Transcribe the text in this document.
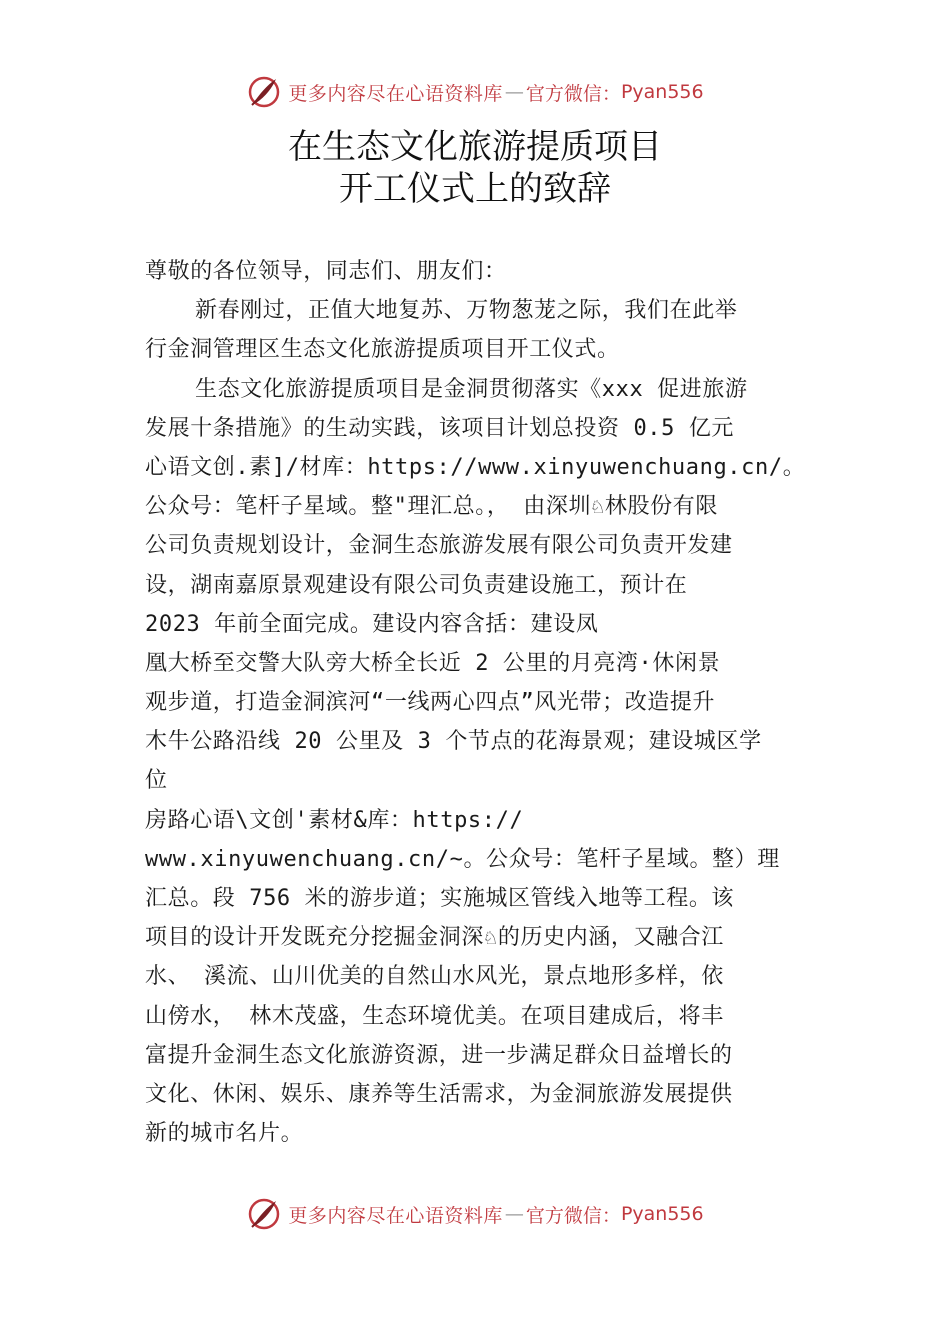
更多内容尽在心语资料库 — 官方微信： Pyan556
在生态文化旅游提质项目
开工仪式上的致辞
尊敬的各位领导，同志们、朋友们：
新春刚过，正值大地复苏、万物葱茏之际，我们在此举
行金洞管理区生态文化旅游提质项目开工仪式。
生态文化旅游提质项目是金洞贯彻落实《xxx 促进旅游
发展十条措施》的生动实践，该项目计划总投资 0.5 亿元
心语文创.素]/材库：https://www.xinyuwenchuang.cn/。
公众号：笔杆子星域。整"理汇总。， 由深圳♘林股份有限
公司负责规划设计，金洞生态旅游发展有限公司负责开发建
设，湖南嘉原景观建设有限公司负责建设施工，预计在
2023 年前全面完成。建设内容含括：建设凤
凰大桥至交警大队旁大桥全长近 2 公里的月亮湾·休闲景
观步道，打造金洞滨河“一线两心四点”风光带；改造提升
木牛公路沿线 20 公里及 3 个节点的花海景观；建设城区学
位
房路心语\文创'素材&库：https://
www.xinyuwenchuang.cn/~。公众号：笔杆子星域。整）理
汇总。段 756 米的游步道；实施城区管线入地等工程。该
项目的设计开发既充分挖掘金洞深♘的历史内涵，又融合江
水、 溪流、山川优美的自然山水风光，景点地形多样，依
山傍水， 林木茂盛，生态环境优美。在项目建成后，将丰
富提升金洞生态文化旅游资源，进一步满足群众日益增长的
文化、休闲、娱乐、康养等生活需求，为金洞旅游发展提供
新的城市名片。
更多内容尽在心语资料库 — 官方微信： Pyan556
